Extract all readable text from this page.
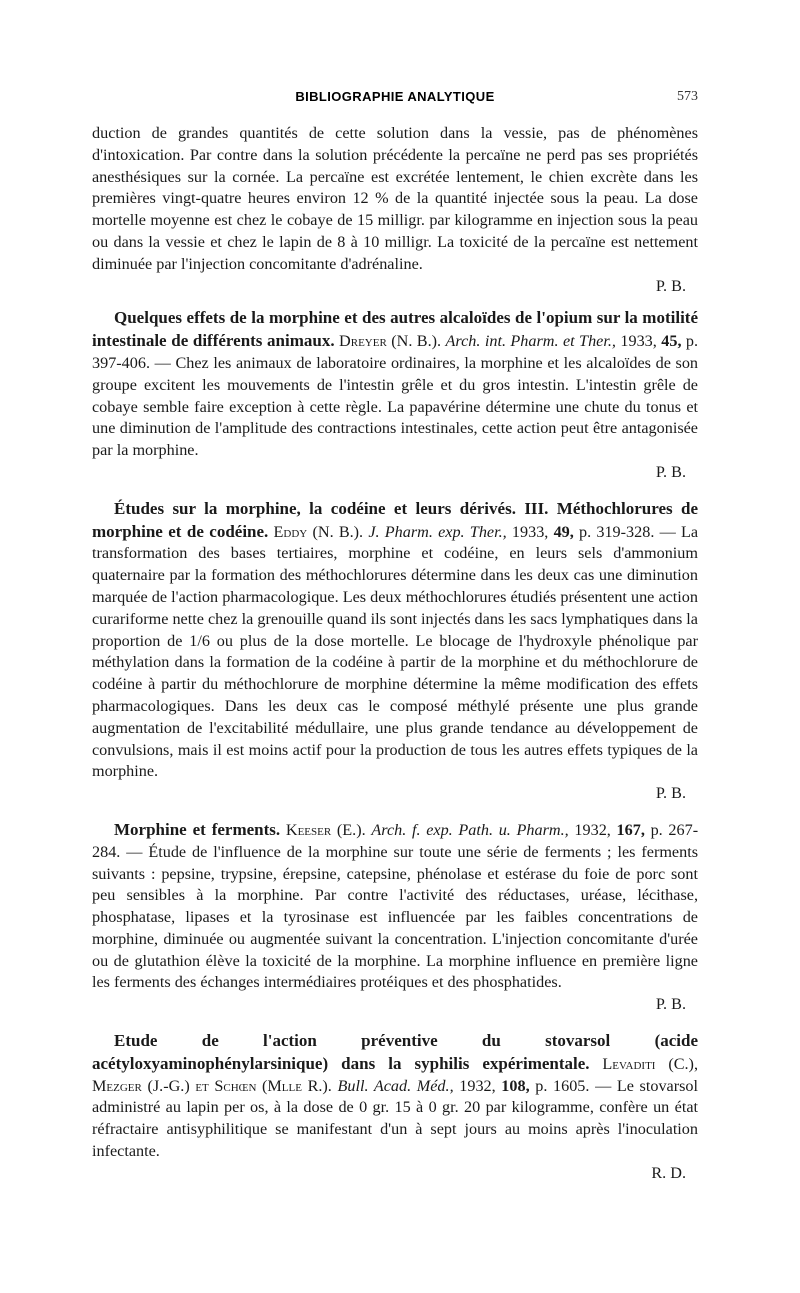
BIBLIOGRAPHIE ANALYTIQUE	573

duction de grandes quantités de cette solution dans la vessie, pas de phénomènes d'intoxication. Par contre dans la solution précédente la percaïne ne perd pas ses propriétés anesthésiques sur la cornée. La percaïne est excrétée lentement, le chien excrète dans les premières vingt-quatre heures environ 12 % de la quantité injectée sous la peau. La dose mortelle moyenne est chez le cobaye de 15 milligr. par kilogramme en injection sous la peau ou dans la vessie et chez le lapin de 8 à 10 milligr. La toxicité de la percaïne est nettement diminuée par l'injection concomitante d'adrénaline.

P. B.

Quelques effets de la morphine et des autres alcaloïdes de l'opium sur la motilité intestinale de différents animaux. Dreyer (N. B.). Arch. int. Pharm. et Ther., 1933, 45, p. 397-406. — Chez les animaux de laboratoire ordinaires, la morphine et les alcaloïdes de son groupe excitent les mouvements de l'intestin grêle et du gros intestin. L'intestin grêle de cobaye semble faire exception à cette règle. La papavérine détermine une chute du tonus et une diminution de l'amplitude des contractions intestinales, cette action peut être antagonisée par la morphine.

P. B.

Études sur la morphine, la codéine et leurs dérivés. III. Méthochlorures de morphine et de codéine. Eddy (N. B.). J. Pharm. exp. Ther., 1933, 49, p. 319-328. — La transformation des bases tertiaires, morphine et codéine, en leurs sels d'ammonium quaternaire par la formation des méthochlorures détermine dans les deux cas une diminution marquée de l'action pharmacologique. Les deux méthochlorures étudiés présentent une action curariforme nette chez la grenouille quand ils sont injectés dans les sacs lymphatiques dans la proportion de 1/6 ou plus de la dose mortelle. Le blocage de l'hydroxyle phénolique par méthylation dans la formation de la codéine à partir de la morphine et du méthochlorure de codéine à partir du méthochlorure de morphine détermine la même modification des effets pharmacologiques. Dans les deux cas le composé méthylé présente une plus grande augmentation de l'excitabilité médullaire, une plus grande tendance au développement de convulsions, mais il est moins actif pour la production de tous les autres effets typiques de la morphine.

P. B.

Morphine et ferments. Keeser (E.). Arch. f. exp. Path. u. Pharm., 1932, 167, p. 267-284. — Étude de l'influence de la morphine sur toute une série de ferments ; les ferments suivants : pepsine, trypsine, érepsine, catepsine, phénolase et estérase du foie de porc sont peu sensibles à la morphine. Par contre l'activité des réductases, uréase, lécithase, phosphatase, lipases et la tyrosinase est influencée par les faibles concentrations de morphine, diminuée ou augmentée suivant la concentration. L'injection concomitante d'urée ou de glutathion élève la toxicité de la morphine. La morphine influence en première ligne les ferments des échanges intermédiaires protéiques et des phosphatides.

P. B.

Etude de l'action préventive du stovarsol (acide acétyloxyaminophénylarsinique) dans la syphilis expérimentale. Levaditi (C.), Mezger (J.-G.) et Schœn (Mlle R.). Bull. Acad. Méd., 1932, 108, p. 1605. — Le stovarsol administré au lapin per os, à la dose de 0 gr. 15 à 0 gr. 20 par kilogramme, confère un état réfractaire antisyphilitique se manifestant d'un à sept jours au moins après l'inoculation infectante.

R. D.
